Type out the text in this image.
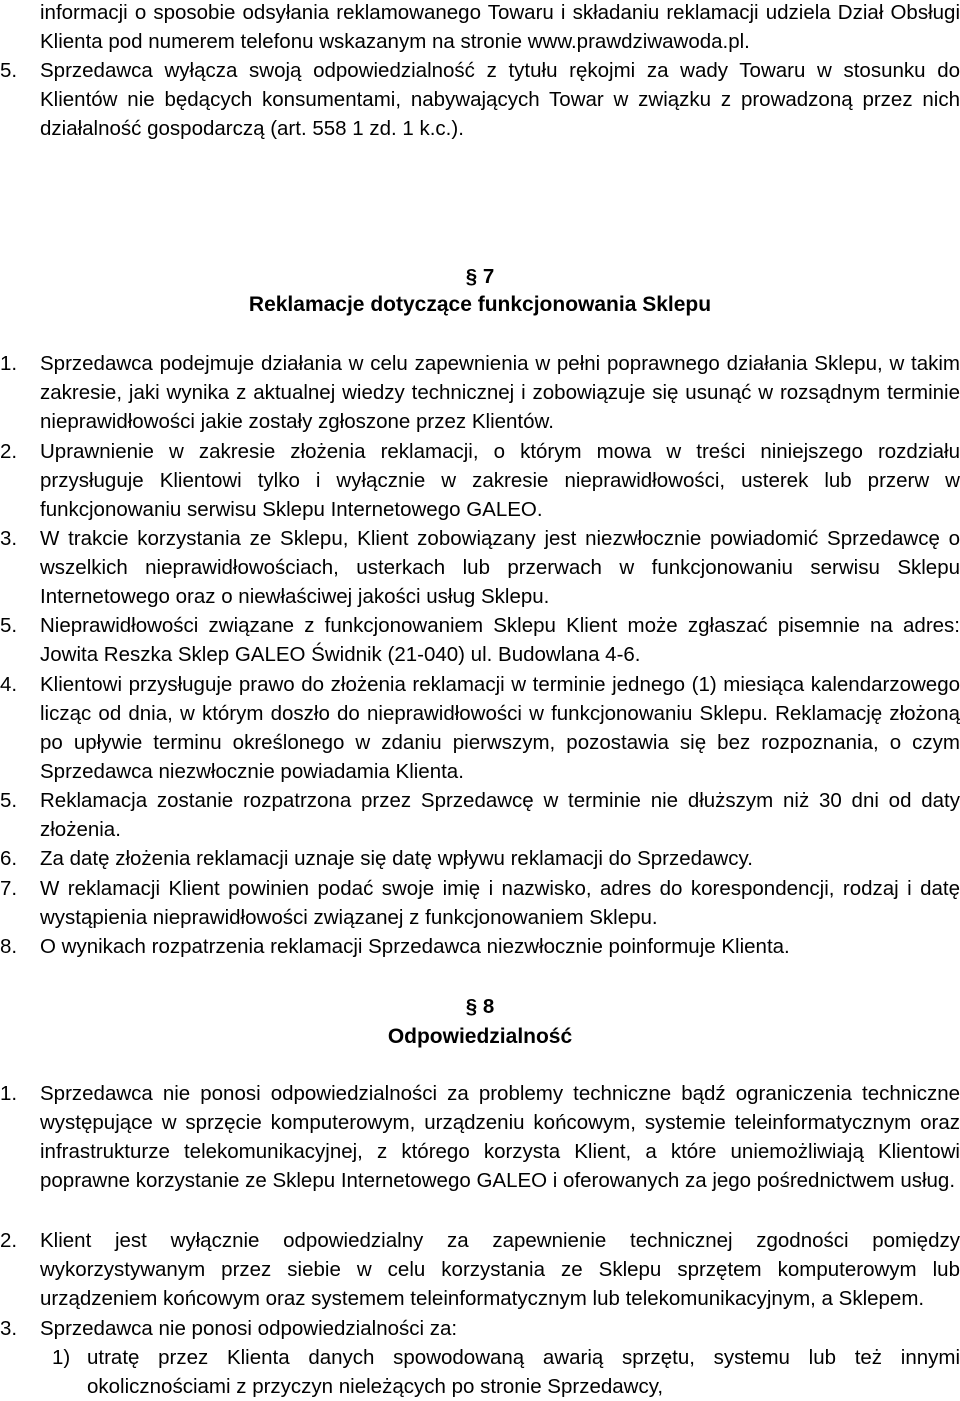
informacji o sposobie odsyłania reklamowanego Towaru i składaniu reklamacji udziela Dział Obsługi Klienta pod numerem telefonu wskazanym na stronie www.prawdziwawoda.pl.
5. Sprzedawca wyłącza swoją odpowiedzialność z tytułu rękojmi za wady Towaru w stosunku do Klientów nie będących konsumentami, nabywających Towar w związku z prowadzoną przez nich działalność gospodarczą (art. 558 1 zd. 1 k.c.).
§ 7
Reklamacje dotyczące funkcjonowania Sklepu
1. Sprzedawca podejmuje działania w celu zapewnienia w pełni poprawnego działania Sklepu, w takim zakresie, jaki wynika z aktualnej wiedzy technicznej i zobowiązuje się usunąć w rozsądnym terminie nieprawidłowości jakie zostały zgłoszone przez Klientów.
2. Uprawnienie w zakresie złożenia reklamacji, o którym mowa w treści niniejszego rozdziału przysługuje Klientowi tylko i wyłącznie w zakresie nieprawidłowości, usterek lub przerw w funkcjonowaniu serwisu Sklepu Internetowego GALEO.
3. W trakcie korzystania ze Sklepu, Klient zobowiązany jest niezwłocznie powiadomić Sprzedawcę o wszelkich nieprawidłowościach, usterkach lub przerwach w funkcjonowaniu serwisu Sklepu Internetowego oraz o niewłaściwej jakości usług Sklepu.
5. Nieprawidłowości związane z funkcjonowaniem Sklepu Klient może zgłaszać pisemnie na adres: Jowita Reszka Sklep GALEO Świdnik (21-040) ul. Budowlana 4-6.
4. Klientowi przysługuje prawo do złożenia reklamacji w terminie jednego (1) miesiąca kalendarzowego licząc od dnia, w którym doszło do nieprawidłowości w funkcjonowaniu Sklepu. Reklamację złożoną po upływie terminu określonego w zdaniu pierwszym, pozostawia się bez rozpoznania, o czym Sprzedawca niezwłocznie powiadamia Klienta.
5. Reklamacja zostanie rozpatrzona przez Sprzedawcę w terminie nie dłuższym niż 30 dni od daty złożenia.
6. Za datę złożenia reklamacji uznaje się datę wpływu reklamacji do Sprzedawcy.
7. W reklamacji Klient powinien podać swoje imię i nazwisko, adres do korespondencji, rodzaj i datę wystąpienia nieprawidłowości związanej z funkcjonowaniem Sklepu.
8. O wynikach rozpatrzenia reklamacji Sprzedawca niezwłocznie poinformuje Klienta.
§ 8
Odpowiedzialność
1. Sprzedawca nie ponosi odpowiedzialności za problemy techniczne bądź ograniczenia techniczne występujące w sprzęcie komputerowym, urządzeniu końcowym, systemie teleinformatycznym oraz infrastrukturze telekomunikacyjnej, z którego korzysta Klient, a które uniemożliwiają Klientowi poprawne korzystanie ze Sklepu Internetowego GALEO i oferowanych za jego pośrednictwem usług.
2. Klient jest wyłącznie odpowiedzialny za zapewnienie technicznej zgodności pomiędzy wykorzystywanym przez siebie w celu korzystania ze Sklepu sprzętem komputerowym lub urządzeniem końcowym oraz systemem teleinformatycznym lub telekomunikacyjnym, a Sklepem.
3. Sprzedawca nie ponosi odpowiedzialności za:
1) utratę przez Klienta danych spowodowaną awarią sprzętu, systemu lub też innymi okolicznościami z przyczyn nieleżących po stronie Sprzedawcy,
